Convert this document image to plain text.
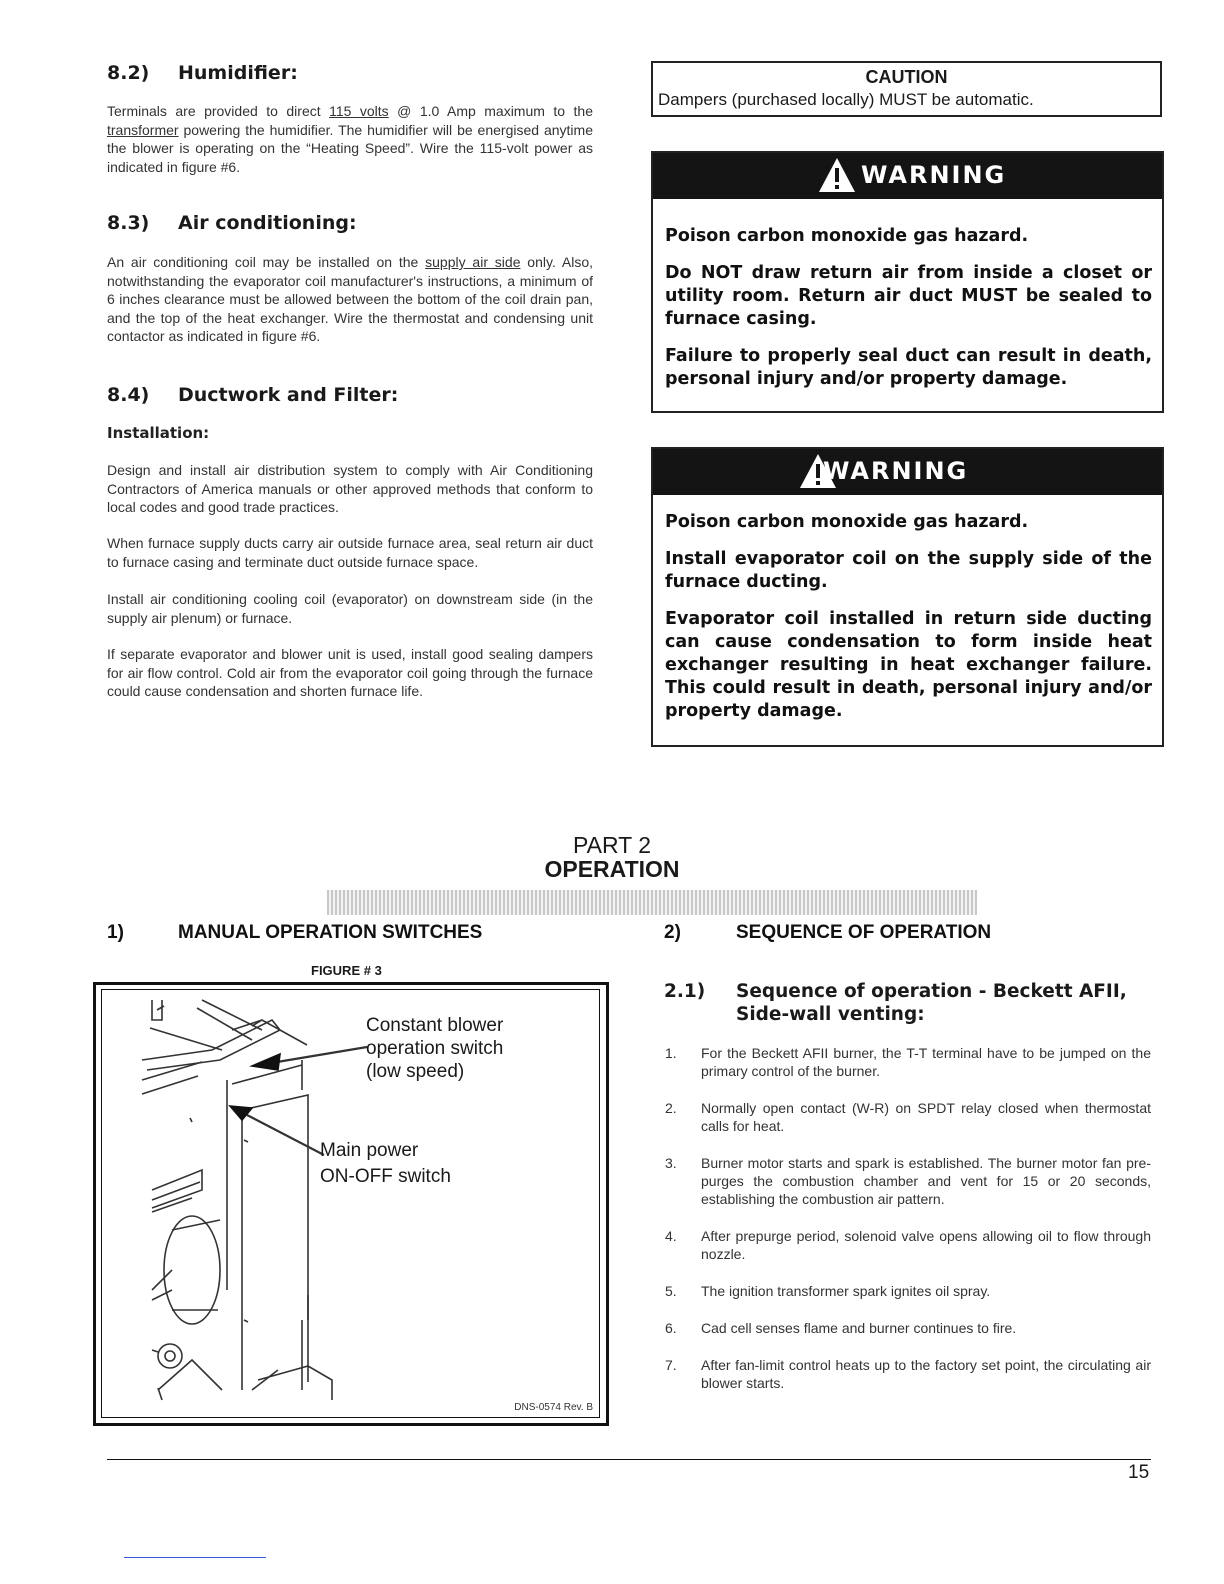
8.2) Humidifier:

Terminals are provided to direct 115 volts @ 1.0 Amp maximum to the transformer powering the humidifier. The humidifier will be energised anytime the blower is operating on the “Heating Speed”. Wire the 115-volt power as indicated in figure #6.

8.3) Air conditioning:

An air conditioning coil may be installed on the supply air side only. Also, notwithstanding the evaporator coil manufacturer's instructions, a minimum of 6 inches clearance must be allowed between the bottom of the coil drain pan, and the top of the heat exchanger. Wire the thermostat and condensing unit contactor as indicated in figure #6.

8.4) Ductwork and Filter:
Installation:

Design and install air distribution system to comply with Air Conditioning Contractors of America manuals or other approved methods that conform to local codes and good trade practices.

When furnace supply ducts carry air outside furnace area, seal return air duct to furnace casing and terminate duct outside furnace space.

Install air conditioning cooling coil (evaporator) on downstream side (in the supply air plenum) or furnace.

If separate evaporator and blower unit is used, install good sealing dampers for air flow control. Cold air from the evaporator coil going through the furnace could cause condensation and shorten furnace life.

CAUTION
Dampers (purchased locally) MUST be automatic.
WARNING

Poison carbon monoxide gas hazard.

Do NOT draw return air from inside a closet or utility room. Return air duct MUST be sealed to furnace casing.

Failure to properly seal duct can result in death, personal injury and/or property damage.

WARNING

Poison carbon monoxide gas hazard.

Install evaporator coil on the supply side of the furnace ducting.

Evaporator coil installed in return side ducting can cause condensation to form inside heat exchanger resulting in heat exchanger failure. This could result in death, personal injury and/or property damage.

PART 2
OPERATION
1)	MANUAL OPERATION SWITCHES	2)	SEQUENCE OF OPERATION
FIGURE # 3
Constant blower
operation switch
(low speed)
Main power
ON-OFF switch
DNS-0574 Rev. B
2.1) Sequence of operation - Beckett AFII, Side-wall venting:
1. For the Beckett AFII burner, the T-T terminal have to be jumped on the primary control of the burner.
2. Normally open contact (W-R) on SPDT relay closed when thermostat calls for heat.
3. Burner motor starts and spark is established. The burner motor fan pre-purges the combustion chamber and vent for 15 or 20 seconds, establishing the combustion air pattern.
4. After prepurge period, solenoid valve opens allowing oil to flow through nozzle.
5. The ignition transformer spark ignites oil spray.
6. Cad cell senses flame and burner continues to fire.
7. After fan-limit control heats up to the factory set point, the circulating air blower starts.
15
